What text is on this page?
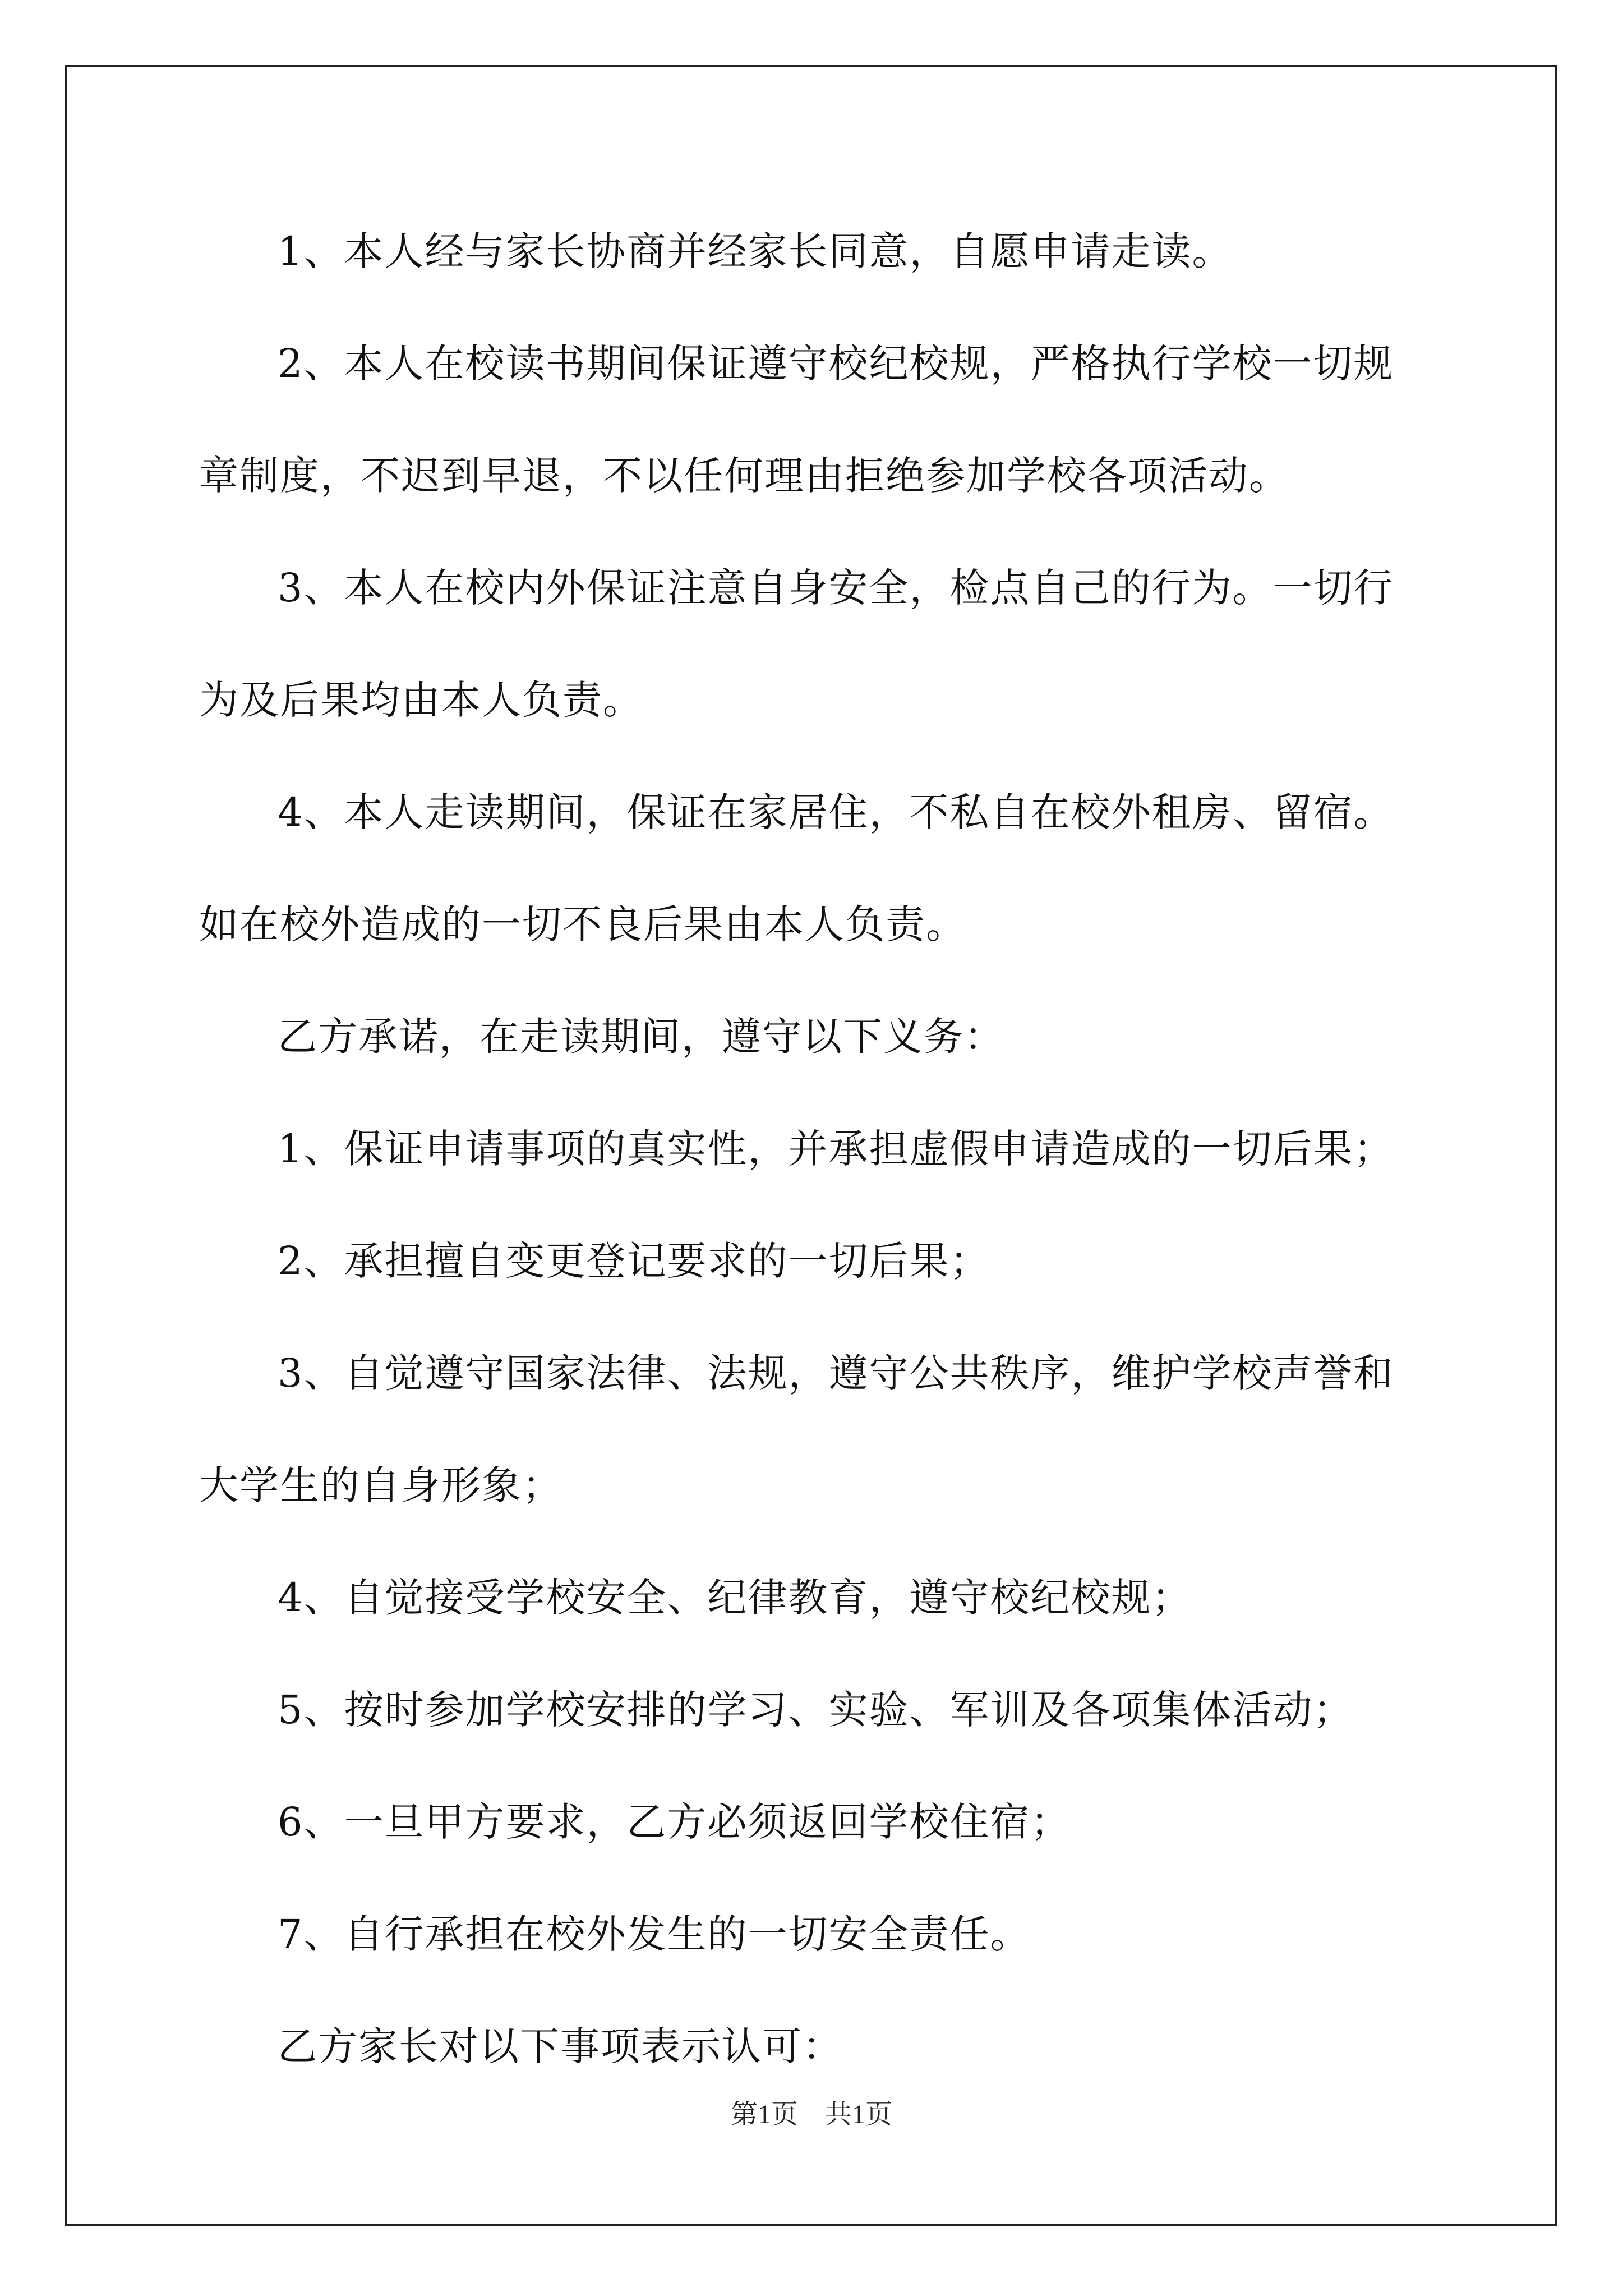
1、本人经与家长协商并经家长同意，自愿申请走读。

2、本人在校读书期间保证遵守校纪校规，严格执行学校一切规章制度，不迟到早退，不以任何理由拒绝参加学校各项活动。

3、本人在校内外保证注意自身安全，检点自己的行为。一切行为及后果均由本人负责。

4、本人走读期间，保证在家居住，不私自在校外租房、留宿。如在校外造成的一切不良后果由本人负责。

乙方承诺，在走读期间，遵守以下义务：

1、保证申请事项的真实性，并承担虚假申请造成的一切后果；

2、承担擅自变更登记要求的一切后果；

3、自觉遵守国家法律、法规，遵守公共秩序，维护学校声誉和大学生的自身形象；

4、自觉接受学校安全、纪律教育，遵守校纪校规；

5、按时参加学校安排的学习、实验、军训及各项集体活动；

6、一旦甲方要求，乙方必须返回学校住宿；

7、自行承担在校外发生的一切安全责任。

乙方家长对以下事项表示认可：

第1页 共1页
